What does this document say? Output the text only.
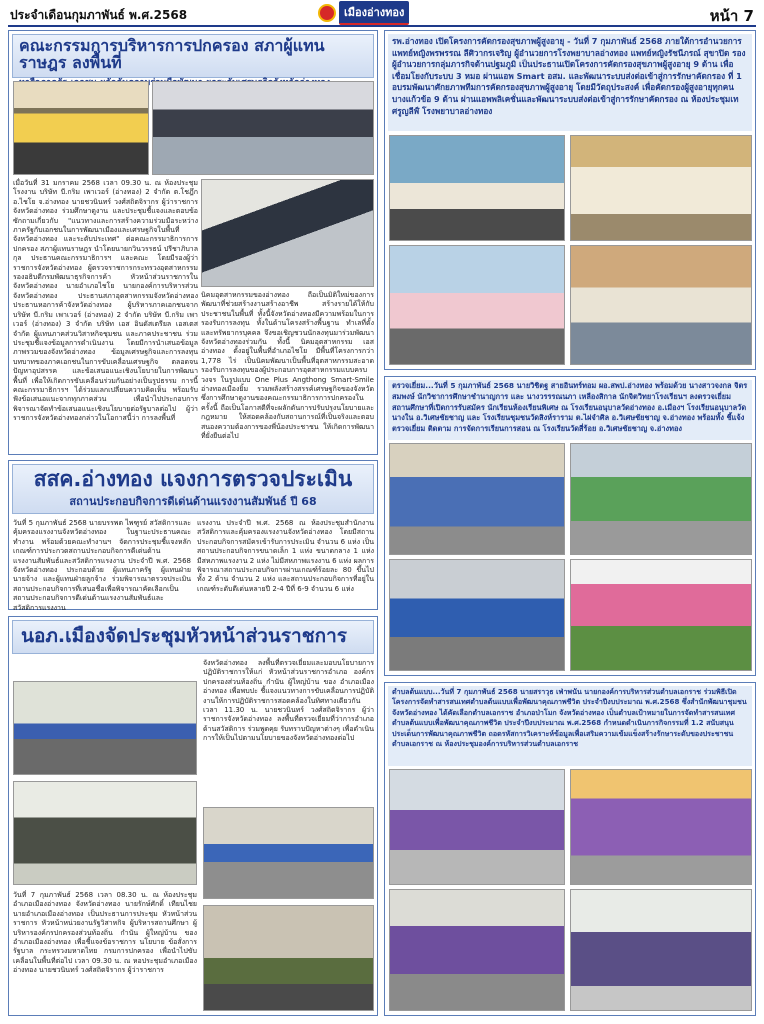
ประจำเดือนกุมภาพันธ์ พ.ศ.2568	เมืองอ่างทอง	หน้า 7
คณะกรรมการบริหารการปกครอง สภาผู้แทนราษฎร ลงพื้นที่
เมื่อวันที่ 31 มกราคม 2568 เวลา 09.30 น. ณ ห้องประชุมโรงงาน บริษัท บี.กริม เพาเวอร์ (อ่างทอง) 2 จำกัด ต.โชฎึก อ.ไชโย จ.อ่างทอง นายชวนินทร์ วงศ์สถิตจิรากร ผู้ว่าราชการจังหวัดอ่างทอง ร่วมศึกษาดูงาน และประชุมชี้แจงและตอบข้อซักถามเกี่ยวกับ "แนวทางและการสร้างความร่วมมือระหว่างภาครัฐกับเอกชนในการพัฒนาเมืองและเศรษฐกิจในพื้นที่จังหวัดอ่างทอง และระดับประเทศ" ต่อคณะกรรมาธิการการปกครอง สภาผู้แทนราษฎร นำโดยนายกวินวรรธน์ ปรีชาภิบาลกุล ประธานคณะกรรมาธิการฯ และคณะ โดยมีรองผู้ว่าราชการจังหวัดอ่างทอง ผู้ตรวจราชการกระทรวงอุตสาหกรรม รองอธิบดีกรมพัฒนาธุรกิจการค้า หัวหน้าส่วนราชการในจังหวัดอ่างทอง นายอำเภอไชโย นายกองค์การบริหารส่วนจังหวัดอ่างทอง ประธานสภาอุตสาหกรรมจังหวัดอ่างทอง ประธานหอการค้าจังหวัดอ่างทอง ผู้บริหารภาคเอกชนจากบริษัท บี.กริม เพาเวอร์ (อ่างทอง) 2 จำกัด บริษัท บี.กริม เพาเวอร์ (อ่างทอง) 3 จำกัด บริษัท เอส อินดัสเตรียล เอสเตส จำกัด ผู้แทนภาคส่วนวิสาหกิจชุมชน และภาคประชาชน ร่วมประชุมชี้แจงข้อมูลการดำเนินงาน โดยมีการนำเสนอข้อมูลภาพรวมของจังหวัดอ่างทอง ข้อมูลเศรษฐกิจและการลงทุน บทบาทของภาคเอกชนในการขับเคลื่อนเศรษฐกิจ ตลอดจนปัญหาอุปสรรค และข้อเสนอแนะเชิงนโยบายในการพัฒนาพื้นที่ เพื่อให้เกิดการขับเคลื่อนร่วมกันอย่างเป็นรูปธรรม การนี้คณะกรรมาธิการฯ ได้ร่วมแลกเปลี่ยนความคิดเห็น พร้อมรับฟังข้อเสนอแนะจากทุกภาคส่วน เพื่อนำไปประกอบการพิจารณาจัดทำข้อเสนอแนะเชิงนโยบายต่อรัฐบาลต่อไป ผู้ว่าราชการจังหวัดอ่างทองกล่าวในโอกาสนี้ว่า การลงพื้นที่
นิคมอุตสาหกรรมของอ่างทอง ถือเป็นมิติใหม่ของการพัฒนาที่ช่วยสร้างงานสร้างอาชีพ สร้างรายได้ให้กับประชาชนในพื้นที่ ทั้งนี้จังหวัดอ่างทองมีความพร้อมในการรองรับการลงทุน ทั้งในด้านโครงสร้างพื้นฐาน ทำเลที่ตั้ง และทรัพยากรบุคคล จึงขอเชิญชวนนักลงทุนมาร่วมพัฒนาจังหวัดอ่างทองร่วมกัน ทั้งนี้ นิคมอุตสาหกรรม เอส อ่างทอง ตั้งอยู่ในพื้นที่อำเภอไชโย มีพื้นที่โครงการกว่า 1,778 ไร่ เป็นนิคมพัฒนาเป็นพื้นที่อุตสาหกรรมสะอาด รองรับการลงทุนของผู้ประกอบการอุตสาหกรรมแบบครบวงจร ในรูปแบบ One Plus Angthong Smart-Smile อ่างทองเมืองยิ้ม รวมพลังสร้างสรรค์เศรษฐกิจของจังหวัด ซึ่งการศึกษาดูงานของคณะกรรมาธิการการปกครองในครั้งนี้ ถือเป็นโอกาสดีที่จะผลักดันการปรับปรุงนโยบายและกฎหมาย ให้สอดคล้องกับสถานการณ์ที่เป็นจริงและตอบสนองความต้องการของพี่น้องประชาชน ให้เกิดการพัฒนาที่ยั่งยืนต่อไป
สสค.อ่างทอง แจงการตรวจประเมิน
สถานประกอบกิจการดีเด่นด้านแรงงานสัมพันธ์ ปี 68
วันที่ 5 กุมภาพันธ์ 2568 นายบรรพต ไพฑูรย์ สวัสดิการและคุ้มครองแรงงานจังหวัดอ่างทอง ในฐานะประธานคณะทำงาน พร้อมด้วยคณะทำงานฯ จัดการประชุมชี้แจงหลักเกณฑ์การประกวดสถานประกอบกิจการดีเด่นด้านแรงงานสัมพันธ์และสวัสดิการแรงงาน ประจำปี พ.ศ. 2568 จังหวัดอ่างทอง ประกอบด้วย ผู้แทนภาครัฐ ผู้แทนฝ่ายนายจ้าง และผู้แทนฝ่ายลูกจ้าง ร่วมพิจารณาตรวจประเมินสถานประกอบกิจการที่เสนอชื่อเพื่อพิจารณาคัดเลือกเป็นสถานประกอบกิจการดีเด่นด้านแรงงานสัมพันธ์และสวัสดิการแรงงาน
แรงงาน ประจำปี พ.ศ. 2568 ณ ห้องประชุมสำนักงานสวัสดิการและคุ้มครองแรงงานจังหวัดอ่างทอง โดยมีสถานประกอบกิจการสมัครเข้ารับการประเมิน จำนวน 6 แห่ง เป็นสถานประกอบกิจการขนาดเล็ก 1 แห่ง ขนาดกลาง 1 แห่ง มีสหภาพแรงงาน 2 แห่ง ไม่มีสหภาพแรงงาน 6 แห่ง ผลการพิจารณาสถานประกอบกิจการผ่านเกณฑ์ร้อยละ 80 ขึ้นไปทั้ง 2 ด้าน จำนวน 2 แห่ง และสถานประกอบกิจการที่อยู่ในเกณฑ์ระดับดีเด่นหลายปี 2-4 ปีที่ 6-9 จำนวน 6 แห่ง
นอภ.เมืองจัดประชุมหัวหน้าส่วนราชการ
จังหวัดอ่างทอง ลงพื้นที่ตรวจเยี่ยมและมอบนโยบายการปฏิบัติราชการให้แก่ หัวหน้าส่วนราชการอำเภอ องค์กรปกครองส่วนท้องถิ่น กำนัน ผู้ใหญ่บ้าน ของ อำเภอเมืองอ่างทอง เพื่อพบปะ ชี้แจงแนวทางการขับเคลื่อนการปฏิบัติงานให้การปฏิบัติราชการสอดคล้องในทิศทางเดียวกัน เวลา 11.30 น. นายชวนินทร์ วงศ์สถิตจิรากร ผู้ว่าราชการจังหวัดอ่างทอง ลงพื้นที่ตรวจเยี่ยมที่ว่าการอำเภอ ด้านสวัสดิการ ร่วมพูดคุย รับทราบปัญหาต่างๆ เพื่อดำเนินการให้เป็นไปตามนโยบายของจังหวัดอ่างทองต่อไป
วันที่ 7 กุมภาพันธ์ 2568 เวลา 08.30 น. ณ ห้องประชุมอำเภอเมืองอ่างทอง จังหวัดอ่างทอง นายรักษ์ศักดิ์ เทียนไชย นายอำเภอเมืองอ่างทอง เป็นประธานการประชุม หัวหน้าส่วนราชการ หัวหน้าหน่วยงานรัฐวิสาหกิจ ผู้บริหารสถานศึกษา ผู้บริหารองค์กรปกครองส่วนท้องถิ่น กำนัน ผู้ใหญ่บ้าน ของ อำเภอเมืองอ่างทอง เพื่อชี้แจงข้อราชการ นโยบาย ข้อสั่งการรัฐบาล กระทรวงมหาดไทย กรมการปกครอง เพื่อนำไปขับเคลื่อนในพื้นที่ต่อไป เวลา 09.30 น. ณ หอประชุมอำเภอเมืองอ่างทอง นายชวนินทร์ วงศ์สถิตจิรากร ผู้ว่าราชการ
รพ.อ่างทอง เปิดโครงการคัดกรองสุขภาพผู้สูงอายุ - วันที่ 7 กุมภาพันธ์ 2568 ภายใต้การอำนวยการ แพทย์หญิงพรพรรณ ลีศิวากรเจริญ ผู้อำนวยการโรงพยาบาลอ่างทอง แพทย์หญิงรัชนีภรณ์ สุขาปิด รองผู้อำนวยการกลุ่มภารกิจด้านปฐมภูมิ เป็นประธานเปิดโครงการคัดกรองสุขภาพผู้สูงอายุ 9 ด้าน เพื่อเชื่อมโยงกับระบบ 3 หมอ ผ่านแอพ Smart อสม. และพัฒนาระบบส่งต่อเข้าสู่การรักษาคัดกรอง ที่ 1 อบรมพัฒนาศักยภาพทีมการคัดกรองสุขภาพผู้สูงอายุ โดยมีวัตถุประสงค์ เพื่อคัดกรองผู้สูงอายุทุกคนบางแก้วข้อ 9 ด้าน ผ่านแอพพลิเคชั่นและพัฒนาระบบส่งต่อเข้าสู่การรักษาคัดกรอง ณ ห้องประชุมเทศรูญลีฬ์ โรงพยาบาลอ่างทอง
ตรวจเยี่ยม...วันที่ 5 กุมภาพันธ์ 2568 นายวิชิตฐ สายอินทร์ทอม ผอ.สพป.อ่างทอง พร้อมด้วย นางสาวจงกล จิตรสมพงษ์ นักวิชาการศึกษาชำนาญการ และ นางวรรรณนภา เหลืองสิกาล นักจิตวิทยาโรงเรียนฯ ลงตรวจเยี่ยม สถานศึกษาที่เปิดการรับสมัคร นักเรียนห้องเรียนพิเศษ ณ โรงเรียนอนุบาลวัดอ่างทอง อ.เมืองฯ โรงเรียนอนุบาลวัดนางใน อ.วิเศษชัยชาญ และ โรงเรียนชุมชนวัดสิงห์ราราม ต.ไผ่จำศิล อ.วิเศษชัยชาญ จ.อ่างทอง พร้อมทั้ง ชี้แจ้งตรวจเยี่ยม ติดตาม การจัดการเรียนการสอน ณ โรงเรียนวัดสี่ร้อย อ.วิเศษชัยชาญ จ.อ่างทอง
ตำบลต้นแบบ...วันที่ 7 กุมภาพันธ์ 2568 นายสราวุธ เฟ่าพนัน นายกองค์การบริหารส่วนตำบลเอกราช ร่วมพิธีเปิดโครงการจัดทำสารสนเทศตำบลต้นแบบเพื่อพัฒนาคุณภาพชีวิต ประจำปีงบประมาณ พ.ศ.2568 ซึ่งสำนักพัฒนาชุมชนจังหวัดอ่างทอง ได้คัดเลือกตำบลเอกราช อำเภอป่าโมก จังหวัดอ่างทอง เป็นตำบลเป้าหมายในการจัดทำสารสนเทศตำบลต้นแบบเพื่อพัฒนาคุณภาพชีวิต ประจำปีงบประมาณ พ.ศ.2568 กำหนดดำเนินการกิจกรรมที่ 1.2 สนับสนุนประเด็นการพัฒนาคุณภาพชีวิต ถอดรหัสการวิเคราะห์ข้อมูลเพื่อเสริมความเข้มแข็งสร้างรักษาระดับของประชาชนตำบลเอกราช ณ ห้องประชุมองค์การบริหารส่วนตำบลเอกราช
